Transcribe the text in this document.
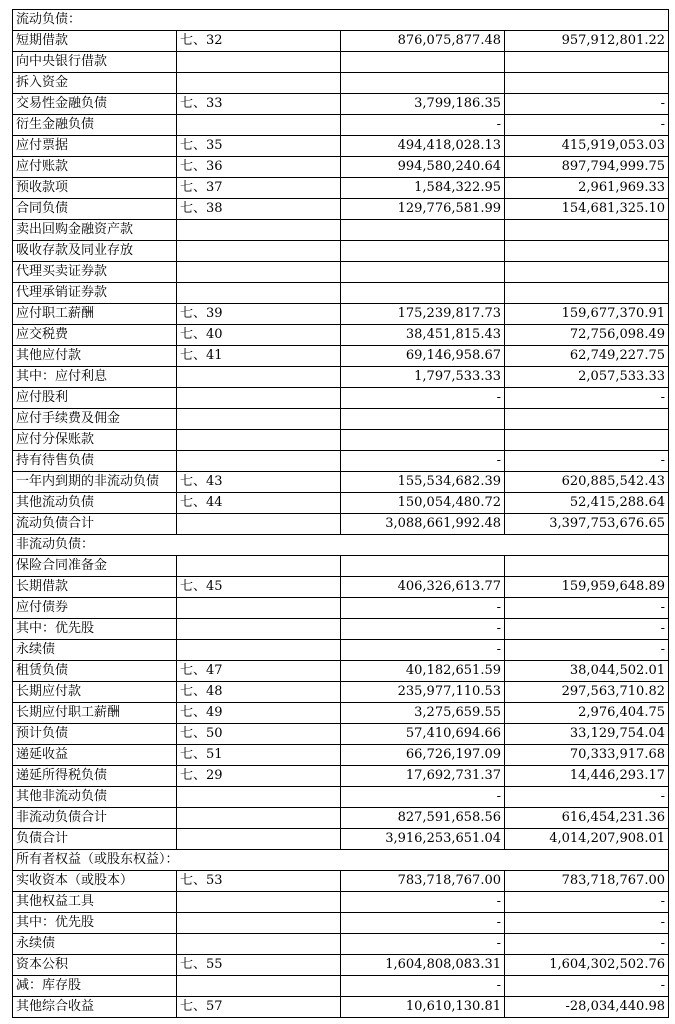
流动负债：			
短期借款	七、32	876,075,877.48	957,912,801.22
向中央银行借款			
拆入资金			
交易性金融负债	七、33	3,799,186.35	-
衍生金融负债		-	-
应付票据	七、35	494,418,028.13	415,919,053.03
应付账款	七、36	994,580,240.64	897,794,999.75
预收款项	七、37	1,584,322.95	2,961,969.33
合同负债	七、38	129,776,581.99	154,681,325.10
卖出回购金融资产款			
吸收存款及同业存放			
代理买卖证券款			
代理承销证券款			
应付职工薪酬	七、39	175,239,817.73	159,677,370.91
应交税费	七、40	38,451,815.43	72,756,098.49
其他应付款	七、41	69,146,958.67	62,749,227.75
其中：应付利息		1,797,533.33	2,057,533.33
应付股利		-	-
应付手续费及佣金			
应付分保账款			
持有待售负债		-	-
一年内到期的非流动负债	七、43	155,534,682.39	620,885,542.43
其他流动负债	七、44	150,054,480.72	52,415,288.64
流动负债合计		3,088,661,992.48	3,397,753,676.65
非流动负债：			
保险合同准备金			
长期借款	七、45	406,326,613.77	159,959,648.89
应付债券		-	-
其中：优先股		-	-
永续债		-	-
租赁负债	七、47	40,182,651.59	38,044,502.01
长期应付款	七、48	235,977,110.53	297,563,710.82
长期应付职工薪酬	七、49	3,275,659.55	2,976,404.75
预计负债	七、50	57,410,694.66	33,129,754.04
递延收益	七、51	66,726,197.09	70,333,917.68
递延所得税负债	七、29	17,692,731.37	14,446,293.17
其他非流动负债		-	-
非流动负债合计		827,591,658.56	616,454,231.36
负债合计		3,916,253,651.04	4,014,207,908.01
所有者权益（或股东权益）：			
实收资本（或股本）	七、53	783,718,767.00	783,718,767.00
其他权益工具		-	-
其中：优先股		-	-
永续债		-	-
资本公积	七、55	1,604,808,083.31	1,604,302,502.76
减：库存股		-	-
其他综合收益	七、57	10,610,130.81	-28,034,440.98
